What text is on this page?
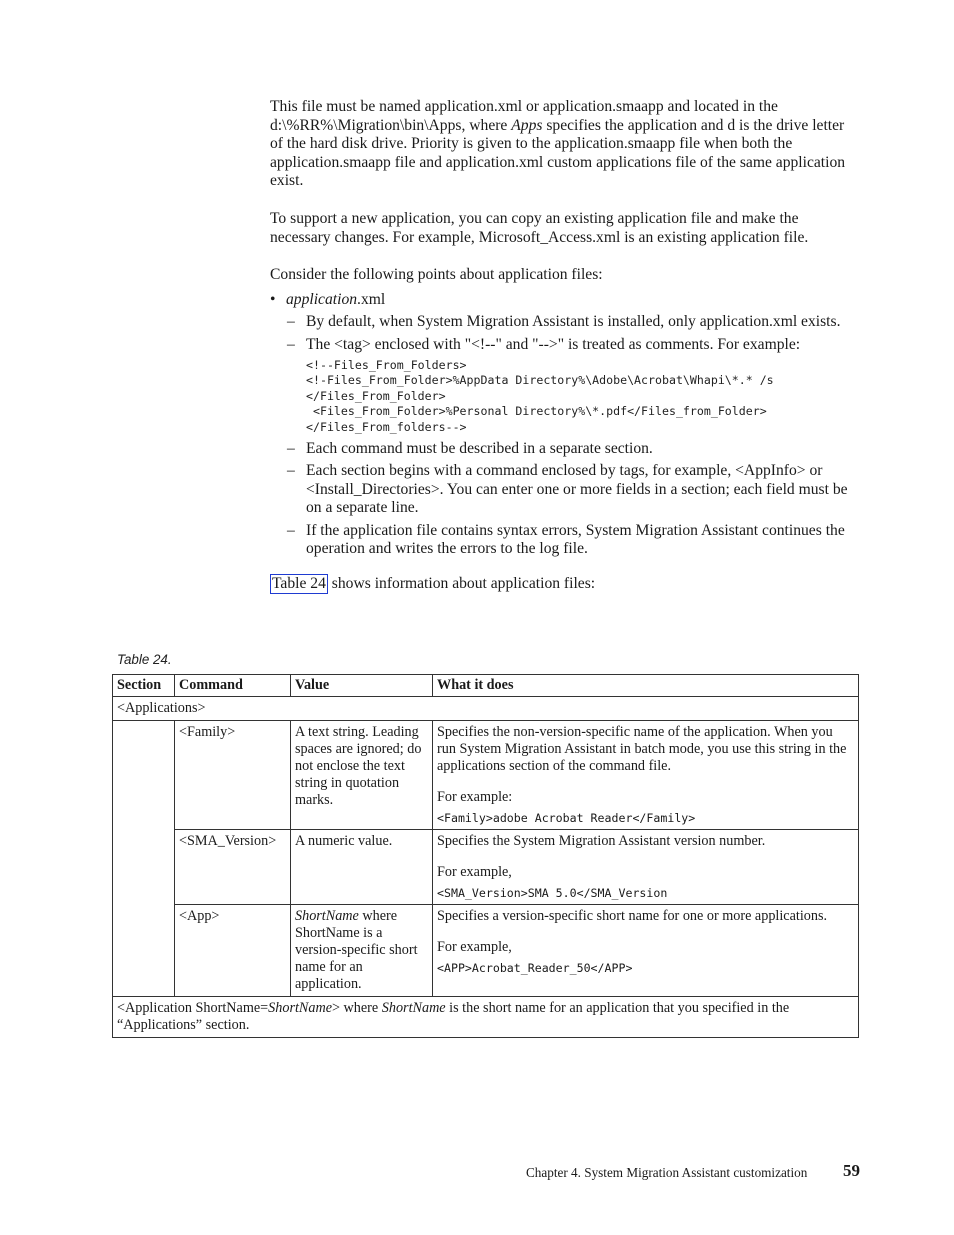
This file must be named application.xml or application.smaapp and located in the d:\%RR%\Migration\bin\Apps, where Apps specifies the application and d is the drive letter of the hard disk drive. Priority is given to the application.smaapp file when both the application.smaapp file and application.xml custom applications file of the same application exist.

To support a new application, you can copy an existing application file and make the necessary changes. For example, Microsoft_Access.xml is an existing application file.

Consider the following points about application files:

• application.xml
– By default, when System Migration Assistant is installed, only application.xml exists.
– The <tag> enclosed with "<!--" and "-->" is treated as comments. For example:
<!--Files_From_Folders>
<!-Files_From_Folder>%AppData Directory%\Adobe\Acrobat\Whapi\*.* /s
</Files_From_Folder>
<Files_From_Folder>%Personal Directory%\*.pdf</Files_from_Folder>
</Files_From_folders-->
– Each command must be described in a separate section.
– Each section begins with a command enclosed by tags, for example, <AppInfo> or <Install_Directories>. You can enter one or more fields in a section; each field must be on a separate line.
– If the application file contains syntax errors, System Migration Assistant continues the operation and writes the errors to the log file.

Table 24 shows information about application files:

Table 24.
Section	Command	Value	What it does
<Applications>			
	<Family>	A text string. Leading spaces are ignored; do not enclose the text string in quotation marks.	Specifies the non-version-specific name of the application. When you run System Migration Assistant in batch mode, you use this string in the applications section of the command file.

For example:

<Family>adobe Acrobat Reader</Family>

	<SMA_Version>	A numeric value.	Specifies the System Migration Assistant version number.

For example,

<SMA_Version>SMA 5.0</SMA_Version

	<App>	ShortName where ShortName is a version-specific short name for an application.	Specifies a version-specific short name for one or more applications.

For example,

<APP>Acrobat_Reader_50</APP>

<Application ShortName=ShortName> where ShortName is the short name for an application that you specified in the “Applications” section.			
Chapter 4. System Migration Assistant customization 59
